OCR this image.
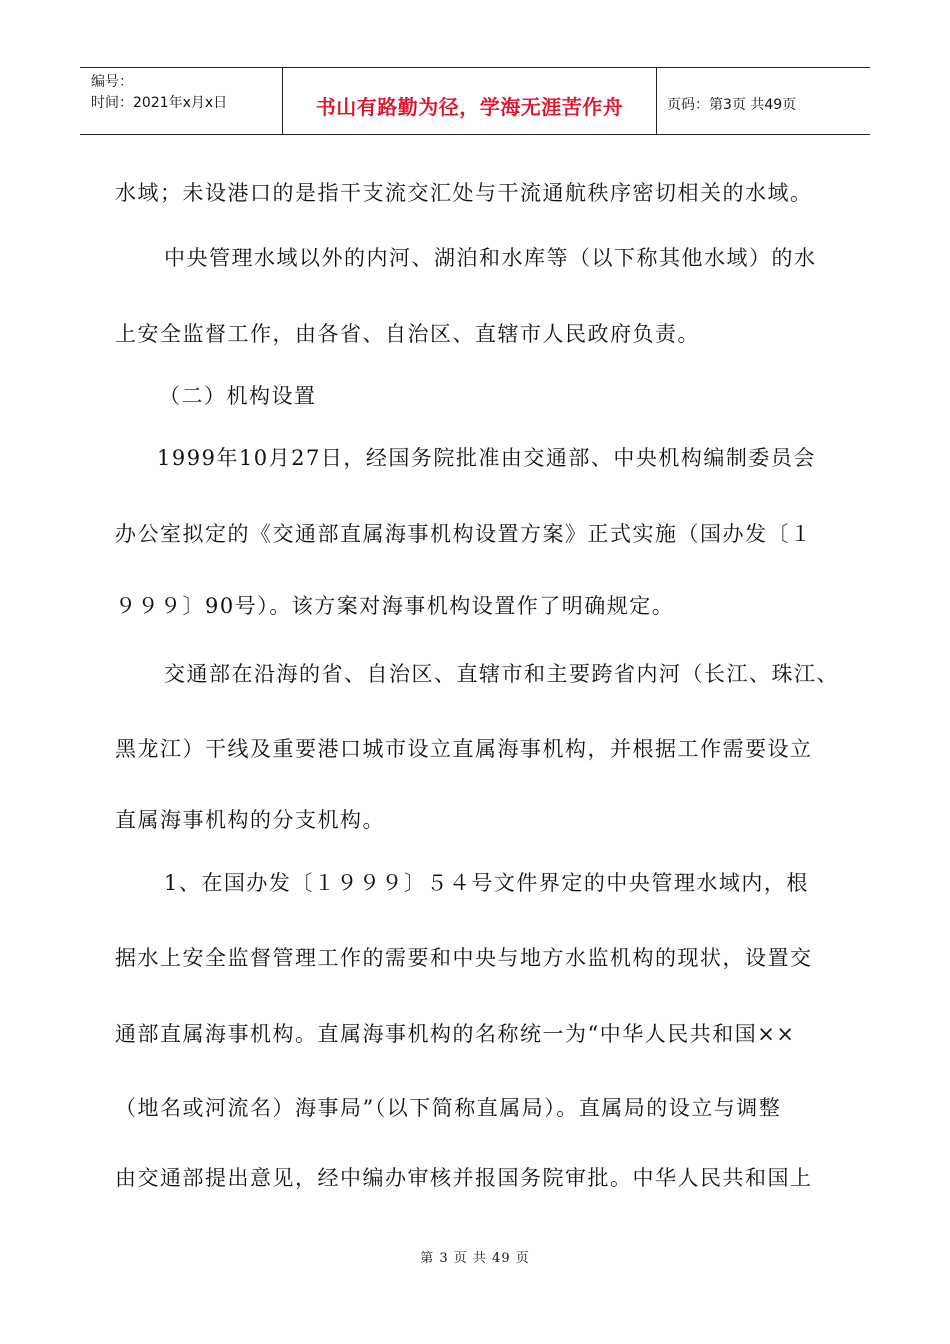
编号：
时间：2021年x月x日	书山有路勤为径，学海无涯苦作舟	页码：第3页 共49页
水域；未设港口的是指干支流交汇处与干流通航秩序密切相关的水域。
中央管理水域以外的内河、湖泊和水库等（以下称其他水域）的水
上安全监督工作，由各省、自治区、直辖市人民政府负责。
（二）机构设置
1999年10月27日，经国务院批准由交通部、中央机构编制委员会
办公室拟定的《交通部直属海事机构设置方案》正式实施（国办发〔１
９９９〕90号）。该方案对海事机构设置作了明确规定。
交通部在沿海的省、自治区、直辖市和主要跨省内河（长江、珠江、
黑龙江）干线及重要港口城市设立直属海事机构，并根据工作需要设立
直属海事机构的分支机构。
1、在国办发〔１９９９〕５４号文件界定的中央管理水域内，根
据水上安全监督管理工作的需要和中央与地方水监机构的现状，设置交
通部直属海事机构。直属海事机构的名称统一为“中华人民共和国××
（地名或河流名）海事局”（以下简称直属局）。直属局的设立与调整
由交通部提出意见，经中编办审核并报国务院审批。中华人民共和国上
第 3 页 共 49 页
